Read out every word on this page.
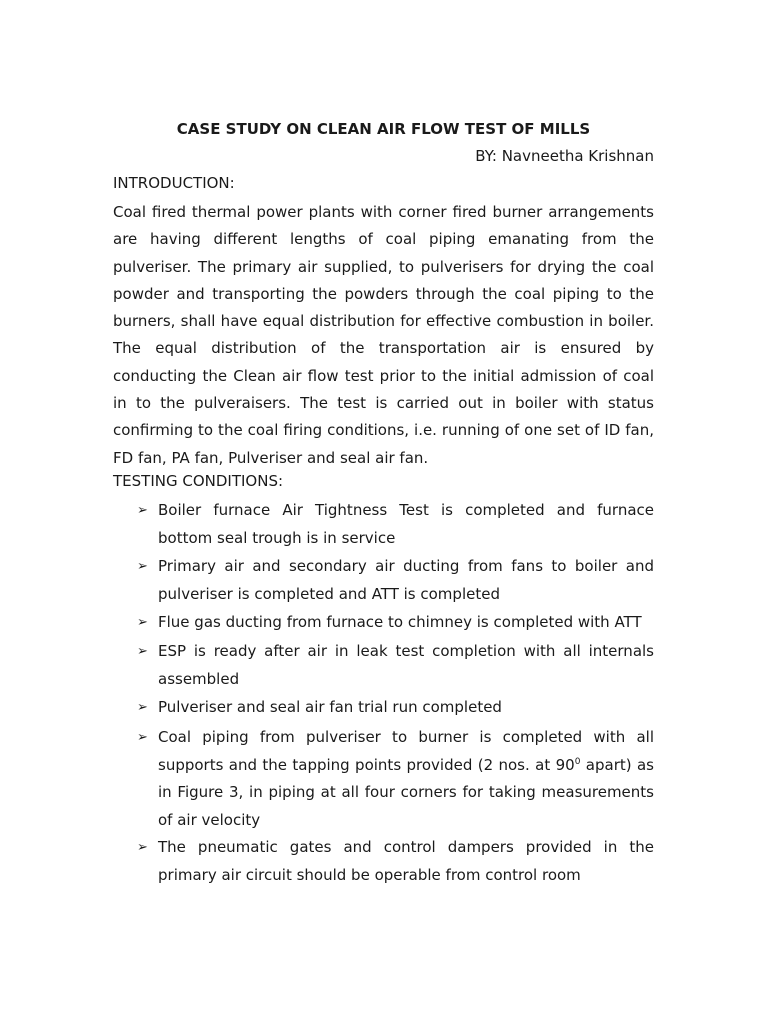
CASE STUDY ON CLEAN AIR FLOW TEST OF MILLS
BY: Navneetha Krishnan
INTRODUCTION:

Coal fired thermal power plants with corner fired burner arrangements are having different lengths of coal piping emanating from the pulveriser. The primary air supplied, to pulverisers for drying the coal powder and transporting the powders through the coal piping to the burners, shall have equal distribution for effective combustion in boiler. The equal distribution of the transportation air is ensured by conducting the Clean air flow test prior to the initial admission of coal in to the pulveraisers. The test is carried out in boiler with status confirming to the coal firing conditions, i.e. running of one set of ID fan, FD fan, PA fan, Pulveriser and seal air fan.

TESTING CONDITIONS:
➢ Boiler furnace Air Tightness Test is completed and furnace bottom seal trough is in service
➢ Primary air and secondary air ducting from fans to boiler and pulveriser is completed and ATT is completed
➢ Flue gas ducting from furnace to chimney is completed with ATT
➢ ESP is ready after air in leak test completion with all internals assembled
➢ Pulveriser and seal air fan trial run completed
➢ Coal piping from pulveriser to burner is completed with all supports and the tapping points provided (2 nos. at $90^0$ apart) as in Figure 3, in piping at all four corners for taking measurements of air velocity
➢ The pneumatic gates and control dampers provided in the primary air circuit should be operable from control room
